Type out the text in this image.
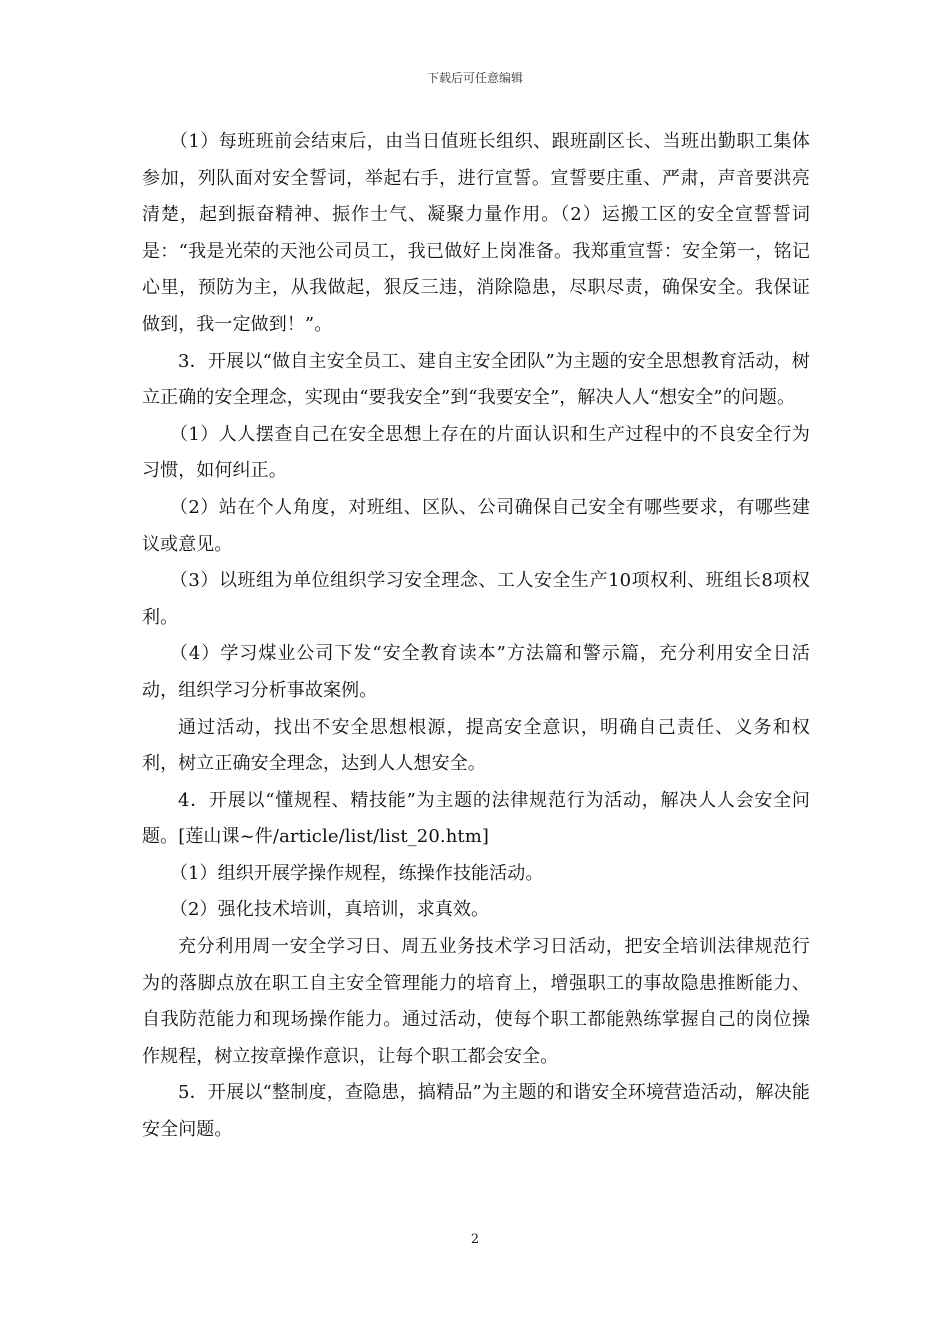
下载后可任意编辑

（1）每班班前会结束后，由当日值班长组织、跟班副区长、当班出勤职工集体参加，列队面对安全誓词，举起右手，进行宣誓。宣誓要庄重、严肃，声音要洪亮清楚，起到振奋精神、振作士气、凝聚力量作用。（2）运搬工区的安全宣誓誓词是：“我是光荣的天池公司员工，我已做好上岗准备。我郑重宣誓：安全第一，铭记心里，预防为主，从我做起，狠反三违，消除隐患，尽职尽责，确保安全。我保证做到，我一定做到！”。

3．开展以“做自主安全员工、建自主安全团队”为主题的安全思想教育活动，树立正确的安全理念，实现由“要我安全”到“我要安全”，解决人人“想安全”的问题。

（1）人人摆查自己在安全思想上存在的片面认识和生产过程中的不良安全行为习惯，如何纠正。

（2）站在个人角度，对班组、区队、公司确保自己安全有哪些要求，有哪些建议或意见。

（3）以班组为单位组织学习安全理念、工人安全生产10项权利、班组长8项权利。

（4）学习煤业公司下发“安全教育读本”方法篇和警示篇，充分利用安全日活动，组织学习分析事故案例。

通过活动，找出不安全思想根源，提高安全意识，明确自己责任、义务和权利，树立正确安全理念，达到人人想安全。

4．开展以“懂规程、精技能”为主题的法律规范行为活动，解决人人会安全问题。[莲山课~件/article/list/list_20.htm]

（1）组织开展学操作规程，练操作技能活动。

（2）强化技术培训，真培训，求真效。

充分利用周一安全学习日、周五业务技术学习日活动，把安全培训法律规范行为的落脚点放在职工自主安全管理能力的培育上，增强职工的事故隐患推断能力、自我防范能力和现场操作能力。通过活动，使每个职工都能熟练掌握自己的岗位操作规程，树立按章操作意识，让每个职工都会安全。

5．开展以“整制度，查隐患，搞精品”为主题的和谐安全环境营造活动，解决能安全问题。

2
